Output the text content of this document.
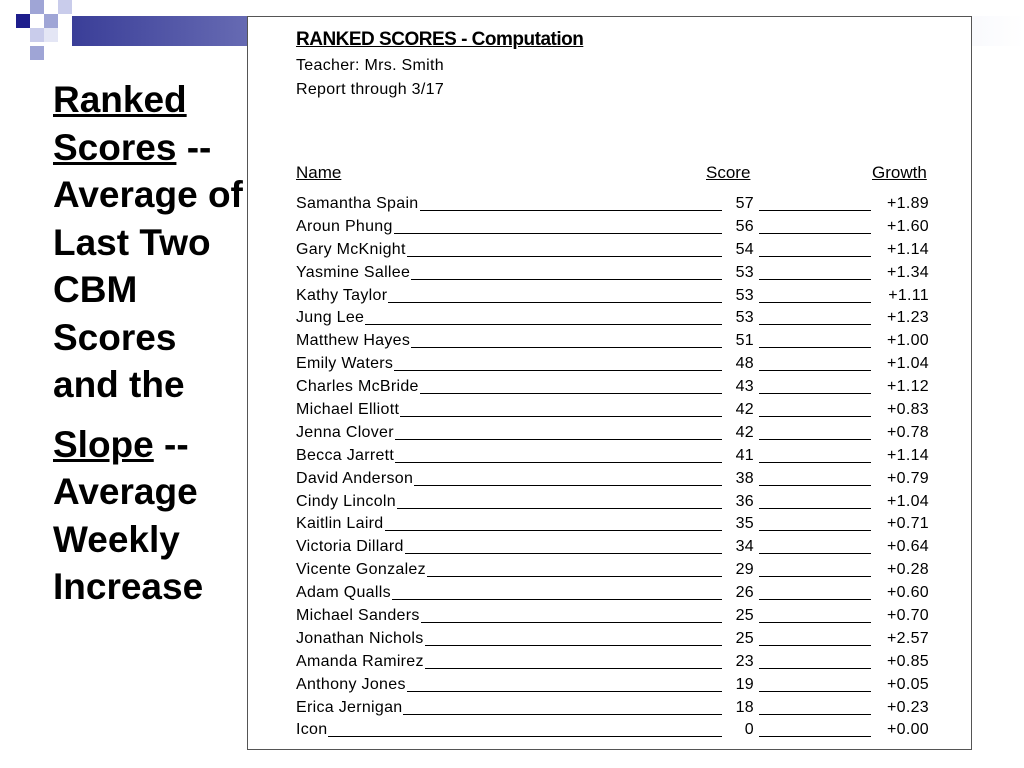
Ranked Scores -- Average of Last Two CBM Scores and the

Slope -- Average Weekly Increase

RANKED SCORES - Computation
Teacher: Mrs. Smith
Report through 3/17
Name	Score	Growth
Samantha Spain	57	+1.89
Aroun Phung	56	+1.60
Gary McKnight	54	+1.14
Yasmine Sallee	53	+1.34
Kathy Taylor	53	+1.11
Jung Lee	53	+1.23
Matthew Hayes	51	+1.00
Emily Waters	48	+1.04
Charles McBride	43	+1.12
Michael Elliott	42	+0.83
Jenna Clover	42	+0.78
Becca Jarrett	41	+1.14
David Anderson	38	+0.79
Cindy Lincoln	36	+1.04
Kaitlin Laird	35	+0.71
Victoria Dillard	34	+0.64
Vicente Gonzalez	29	+0.28
Adam Qualls	26	+0.60
Michael Sanders	25	+0.70
Jonathan Nichols	25	+2.57
Amanda Ramirez	23	+0.85
Anthony Jones	19	+0.05
Erica Jernigan	18	+0.23
Icon	0	+0.00
